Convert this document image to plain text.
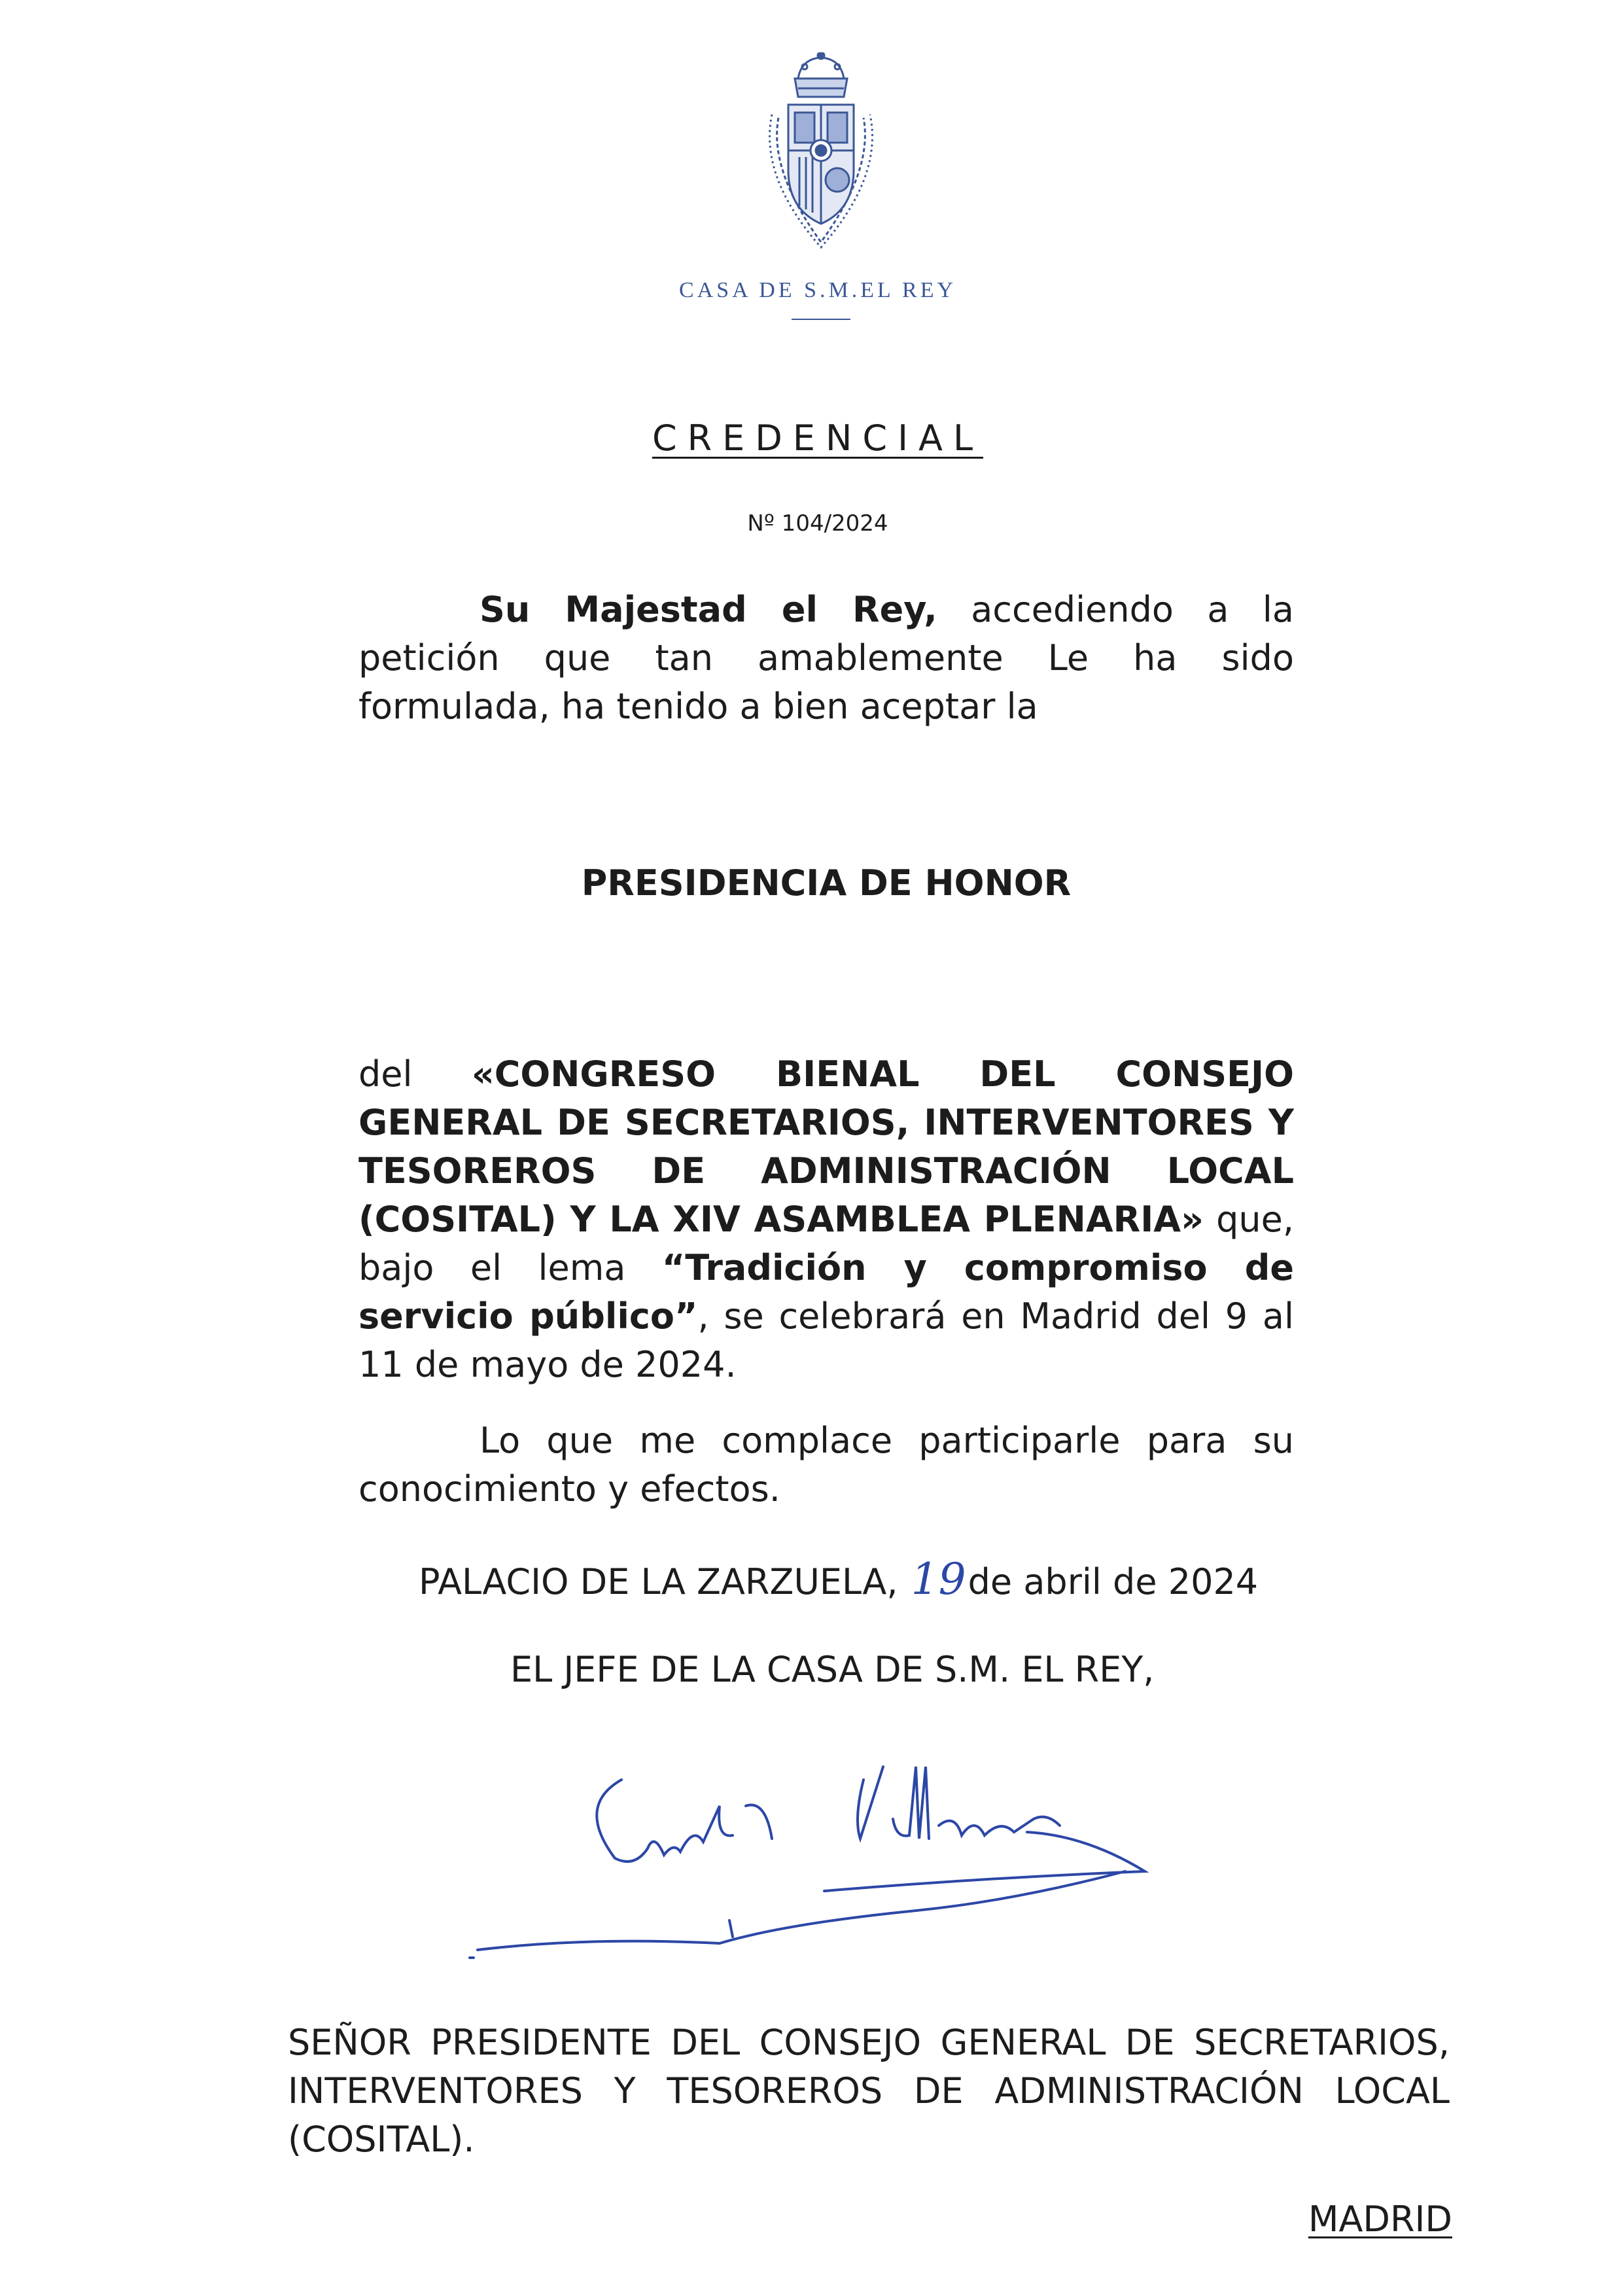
CASA DE S.M.EL REY
CREDENCIAL
Nº 104/2024
Su Majestad el Rey, accediendo a la petición que tan amablemente Le ha sido formulada, ha tenido a bien aceptar la
PRESIDENCIA DE HONOR
del «CONGRESO BIENAL DEL CONSEJO GENERAL DE SECRETARIOS, INTERVENTORES Y TESOREROS DE ADMINISTRACIÓN LOCAL (COSITAL) Y LA XIV ASAMBLEA PLENARIA» que, bajo el lema “Tradición y compromiso de servicio público”, se celebrará en Madrid del 9 al 11 de mayo de 2024.
Lo que me complace participarle para su conocimiento y efectos.
PALACIO DE LA ZARZUELA, 19de abril de 2024
EL JEFE DE LA CASA DE S.M. EL REY,
SEÑOR PRESIDENTE DEL CONSEJO GENERAL DE SECRETARIOS, INTERVENTORES Y TESOREROS DE ADMINISTRACIÓN LOCAL (COSITAL).
MADRID
